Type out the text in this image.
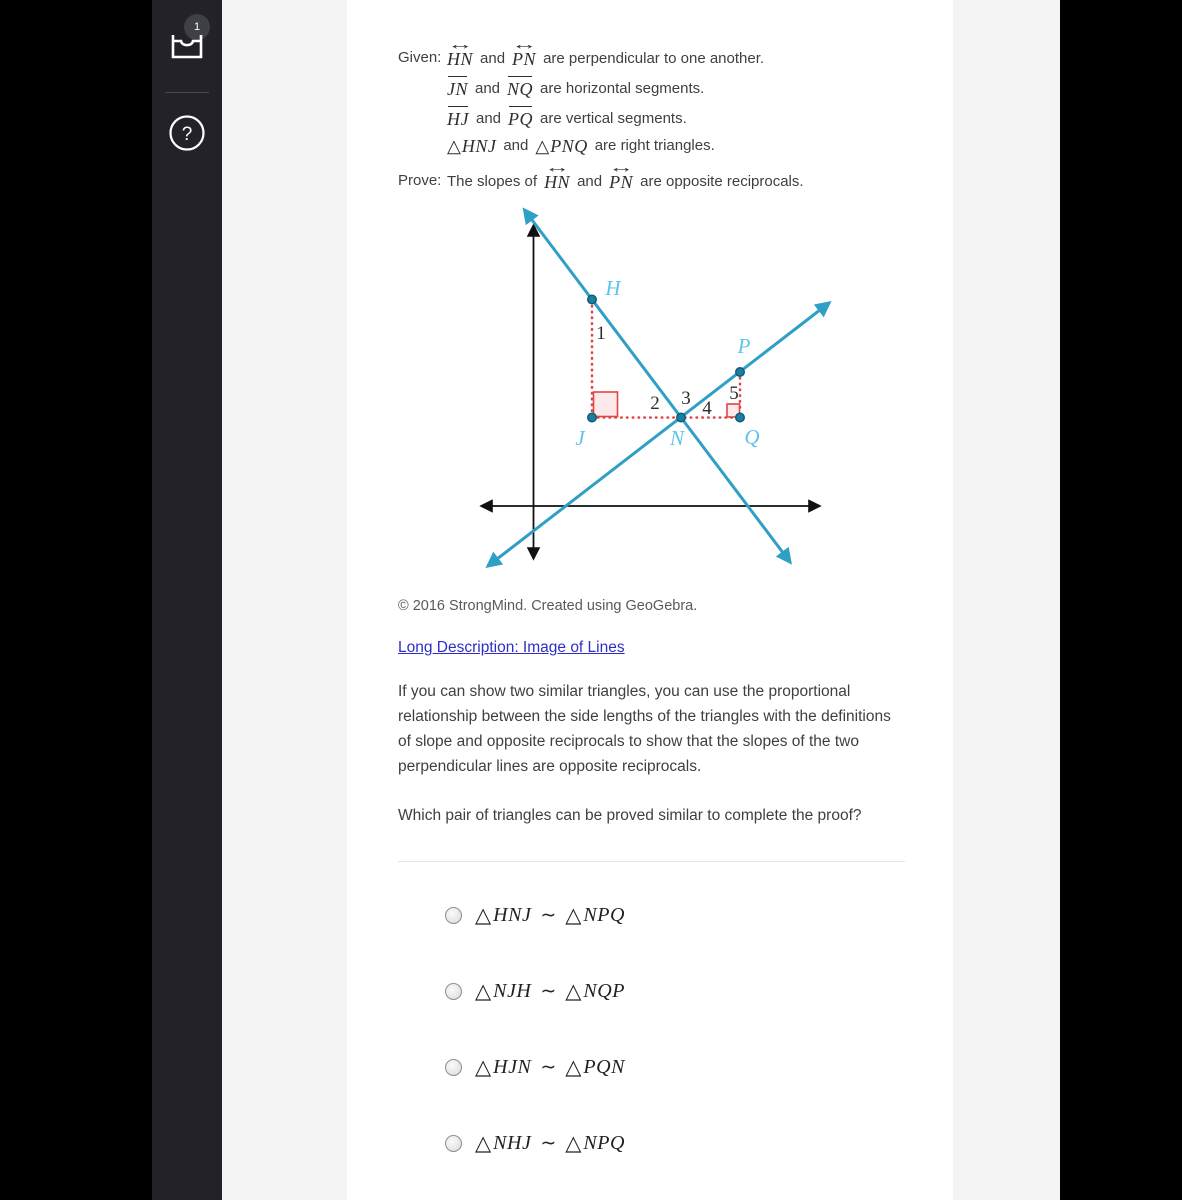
1
?
Given:
↔
HN and
↔
PN are perpendicular to one another.
JN and NQ are horizontal segments.
HJ and PQ are vertical segments.
△ HNJ and △ PNQ are right triangles.
Prove: The slopes of
↔
HN and
↔
PN are opposite reciprocals.
H
P
J	N	Q
1
2 3 4
5
© 2016 StrongMind. Created using GeoGebra.
Long Description: Image of Lines
If you can show two similar triangles, you can use the proportional relationship between the side lengths of the triangles with the definitions of slope and opposite reciprocals to show that the slopes of the two perpendicular lines are opposite reciprocals.
Which pair of triangles can be proved similar to complete the proof?
△ HNJ ∼ △ NPQ
△ NJH ∼ △ NQP
△ HJN ∼ △ PQN
△ NHJ ∼ △ NPQ
